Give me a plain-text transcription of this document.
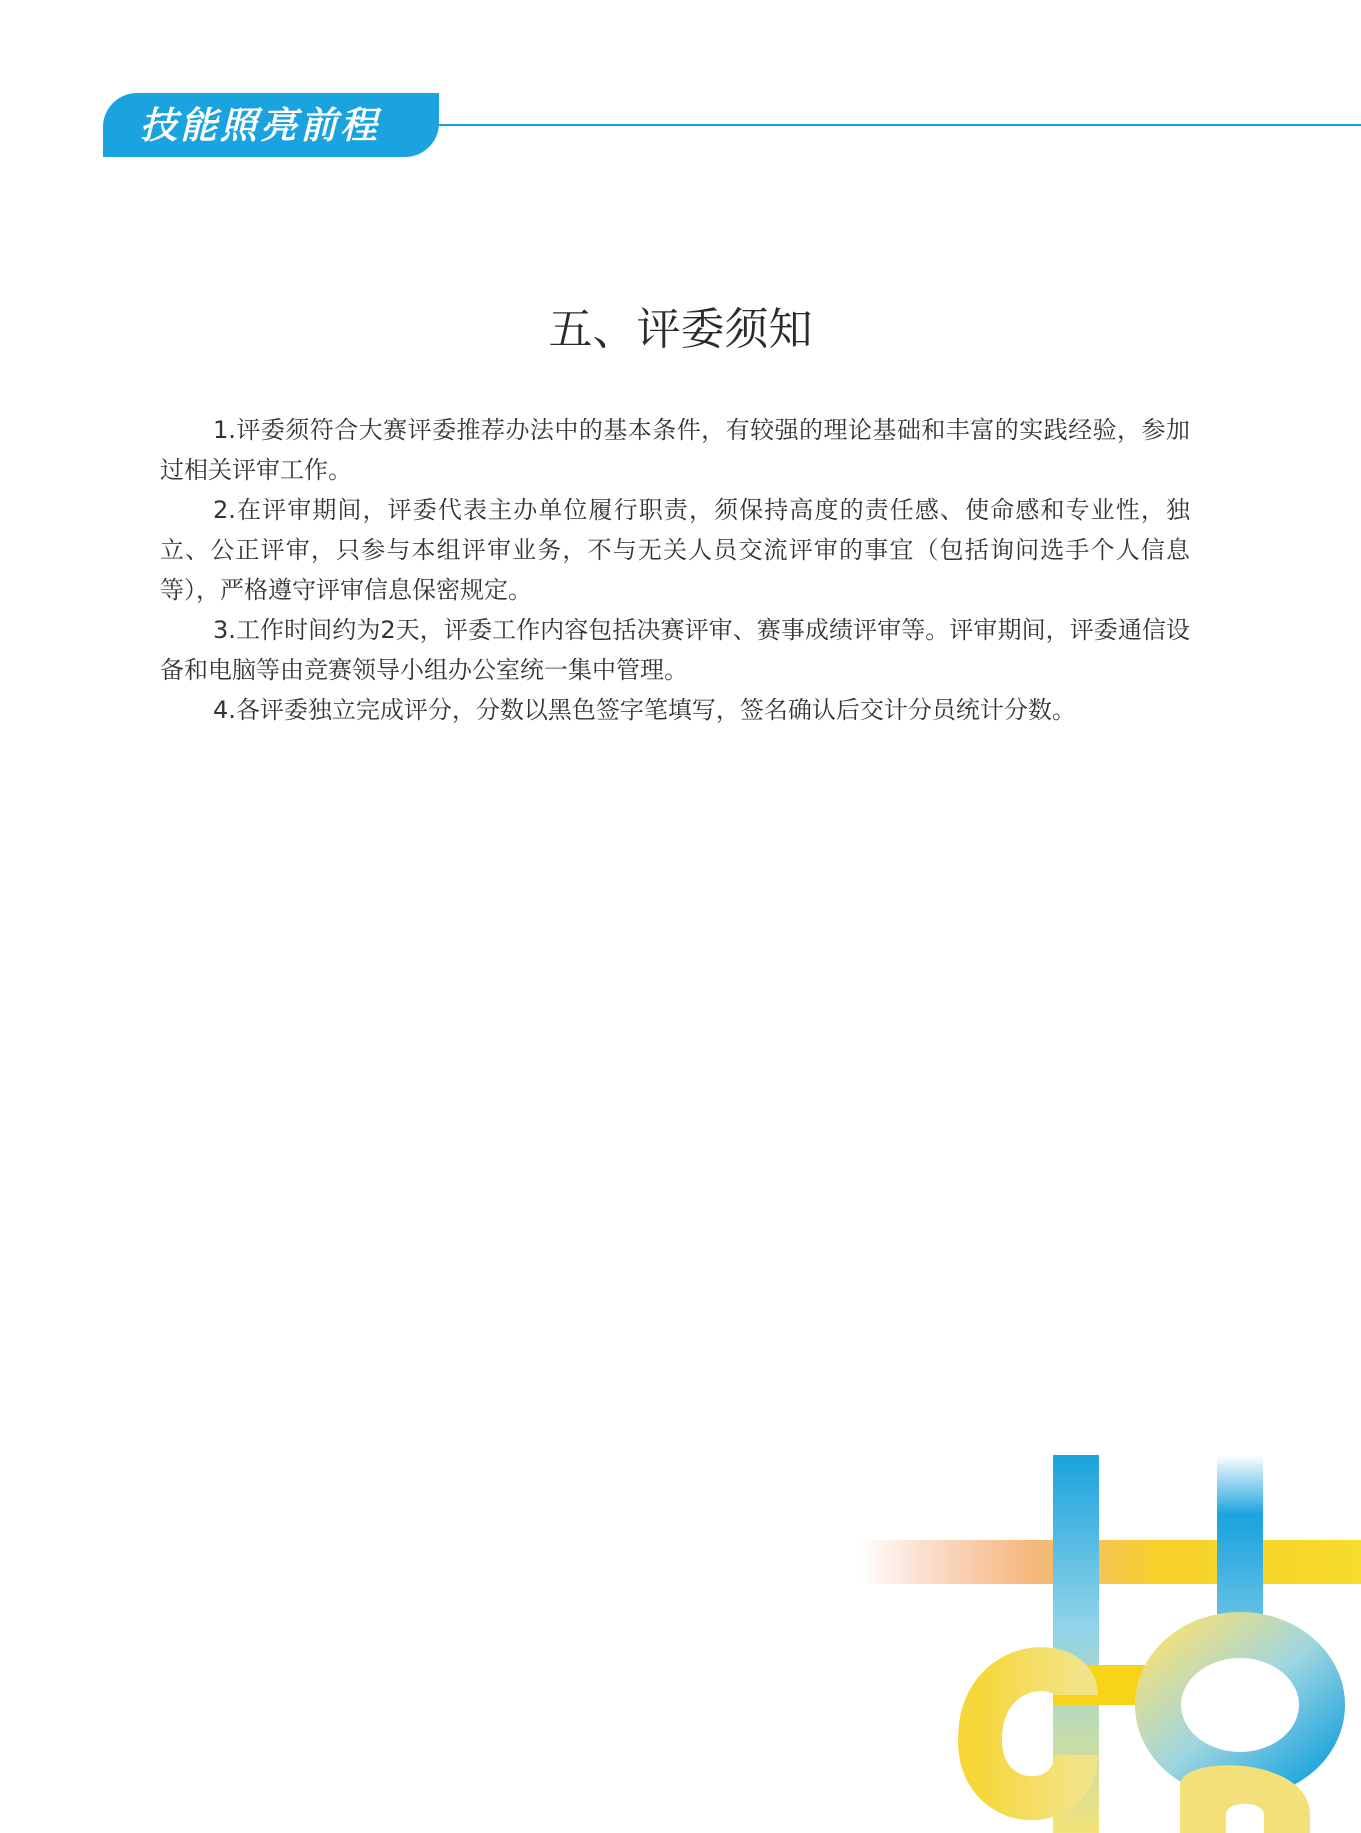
技能照亮前程
五、评委须知
1.评委须符合大赛评委推荐办法中的基本条件，有较强的理论基础和丰富的实践经验，参加过相关评审工作。
2.在评审期间，评委代表主办单位履行职责，须保持高度的责任感、使命感和专业性，独立、公正评审，只参与本组评审业务，不与无关人员交流评审的事宜（包括询问选手个人信息等），严格遵守评审信息保密规定。
3.工作时间约为2天，评委工作内容包括决赛评审、赛事成绩评审等。评审期间，评委通信设备和电脑等由竞赛领导小组办公室统一集中管理。
4.各评委独立完成评分，分数以黑色签字笔填写，签名确认后交计分员统计分数。
